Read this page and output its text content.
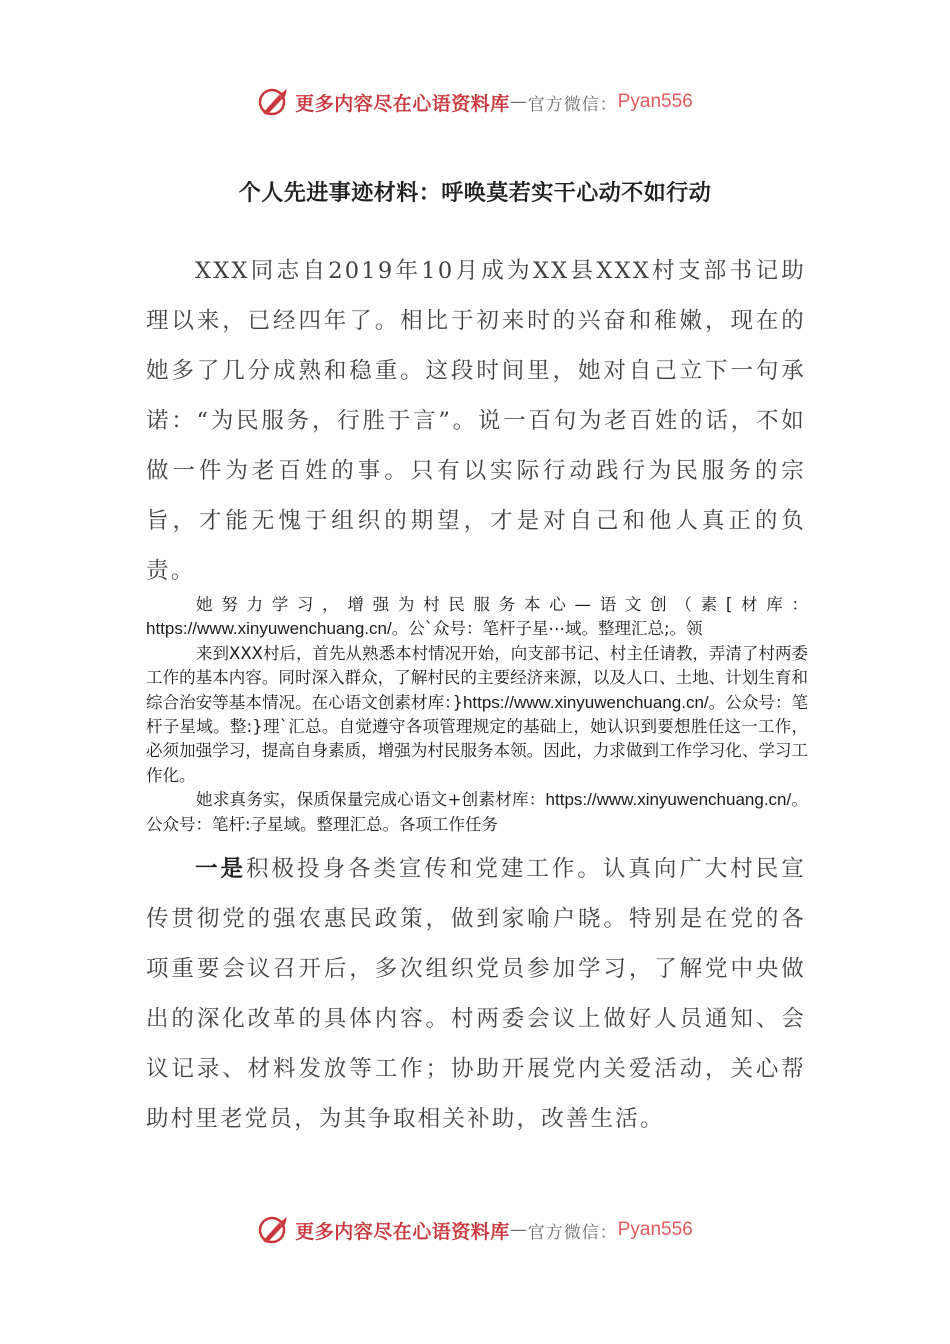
更多内容尽在心语资料库 — 官方微信： Pyan556
个人先进事迹材料：呼唤莫若实干心动不如行动

XXX同志自2019年10月成为XX县XXX村支部书记助理以来，已经四年了。相比于初来时的兴奋和稚嫩，现在的她多了几分成熟和稳重。这段时间里，她对自己立下一句承诺：“为民服务，行胜于言”。说一百句为老百姓的话，不如做一件为老百姓的事。只有以实际行动践行为民服务的宗旨，才能无愧于组织的期望，才是对自己和他人真正的负责。

她努力学习，增强为村民服务本心—语文创（素[材库：https://www.xinyuwenchuang.cn/。公`众号：笔杆子星⋯域。整理汇总;。领

来到XXX村后，首先从熟悉本村情况开始，向支部书记、村主任请教，弄清了村两委工作的基本内容。同时深入群众，了解村民的主要经济来源，以及人口、土地、计划生育和综合治安等基本情况。在心语文创素材库：}https://www.xinyuwenchuang.cn/。公众号：笔杆子星域。整:}理`汇总。自觉遵守各项管理规定的基础上，她认识到要想胜任这一工作，必须加强学习，提高自身素质，增强为村民服务本领。因此，力求做到工作学习化、学习工作化。

她求真务实，保质保量完成心语文+创素材库：https://www.xinyuwenchuang.cn/。公众号：笔杆:子星域。整理汇总。各项工作任务

一是积极投身各类宣传和党建工作。认真向广大村民宣传贯彻党的强农惠民政策，做到家喻户晓。特别是在党的各项重要会议召开后，多次组织党员参加学习，了解党中央做出的深化改革的具体内容。村两委会议上做好人员通知、会议记录、材料发放等工作；协助开展党内关爱活动，关心帮助村里老党员，为其争取相关补助，改善生活。

更多内容尽在心语资料库 — 官方微信： Pyan556
